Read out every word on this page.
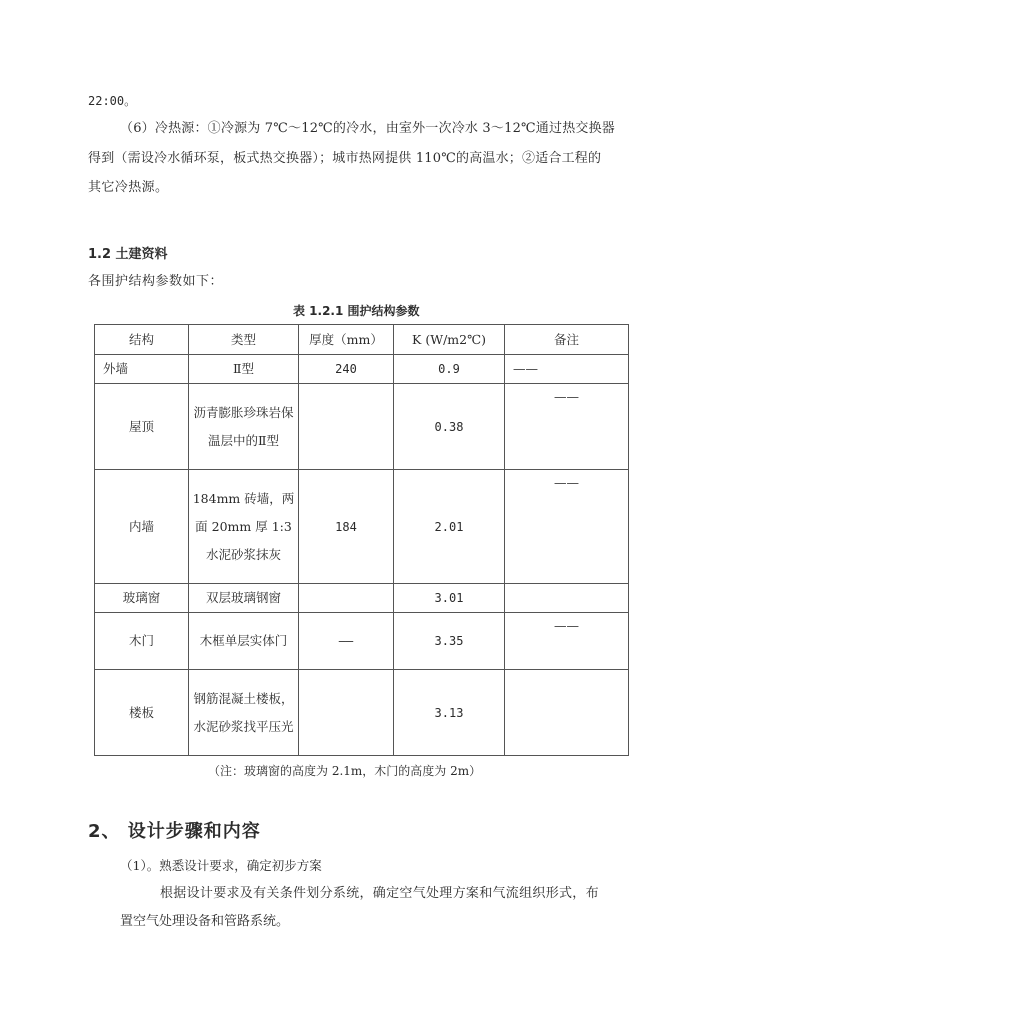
22:00。
（6）冷热源：①冷源为 7℃～12℃的冷水，由室外一次冷水 3～12℃通过热交换器
得到（需设冷水循环泵，板式热交换器）；城市热网提供 110℃的高温水；②适合工程的
其它冷热源。
1.2 土建资料
各围护结构参数如下：
表 1.2.1 围护结构参数
结构	类型	厚度（mm）	K (W/m2℃)	备注
外墙	Ⅱ型	240	0.9	——
屋顶	沥青膨胀珍珠岩保温层中的Ⅱ型		0.38	——
内墙	184mm 砖墙，两面 20mm 厚 1:3 水泥砂浆抹灰	184	2.01	——
玻璃窗	双层玻璃钢窗		3.01	
木门	木框单层实体门	——	3.35	——
楼板	钢筋混凝土楼板，水泥砂浆找平压光		3.13	
（注：玻璃窗的高度为 2.1m，木门的高度为 2m）
2、 设计步骤和内容
（1）。熟悉设计要求，确定初步方案
根据设计要求及有关条件划分系统，确定空气处理方案和气流组织形式，布
置空气处理设备和管路系统。
